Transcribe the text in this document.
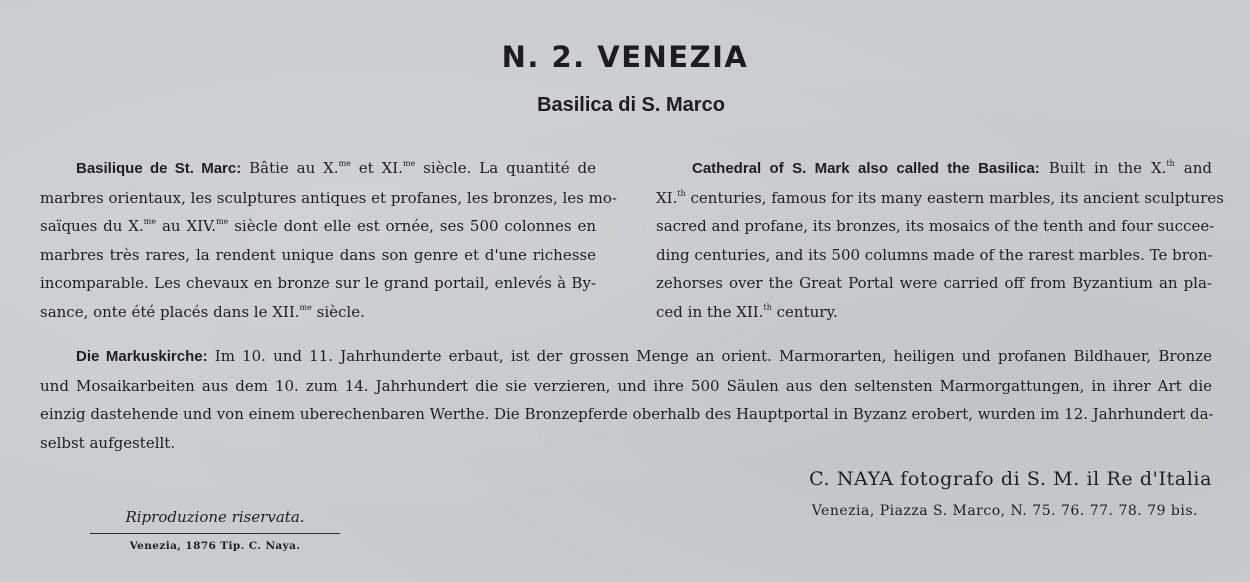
N. 2. VENEZIA
Basilica di S. Marco
Basilique de St. Marc: Bâtie au X.$^{me}$ et XI.$^{me}$ siècle. La quantité de
marbres orientaux, les sculptures antiques et profanes, les bronzes, les mo-
saïques du X.$^{me}$ au XIV.$^{me}$ siècle dont elle est ornée, ses 500 colonnes en
marbres très rares, la rendent unique dans son genre et d'une richesse
incomparable. Les chevaux en bronze sur le grand portail, enlevés à By-
sance, onte été placés dans le XII.$^{me}$ siècle.
Cathedral of S. Mark also called the Basilica: Built in the X.$^{th}$ and
XI.$^{th}$ centuries, famous for its many eastern marbles, its ancient sculptures
sacred and profane, its bronzes, its mosaics of the tenth and four succee-
ding centuries, and its 500 columns made of the rarest marbles. Te bron-
zehorses over the Great Portal were carried off from Byzantium an pla-
ced in the XII.$^{th}$ century.
Die Markuskirche: Im 10. und 11. Jahrhunderte erbaut, ist der grossen Menge an orient. Marmorarten, heiligen und profanen Bildhauer, Bronze
und Mosaikarbeiten aus dem 10. zum 14. Jahrhundert die sie verzieren, und ihre 500 Säulen aus den seltensten Marmorgattungen, in ihrer Art die
einzig dastehende und von einem uberechenbaren Werthe. Die Bronzepferde oberhalb des Hauptportal in Byzanz erobert, wurden im 12. Jahrhundert da-
selbst aufgestellt.
Riproduzione riservata.
Venezia, 1876 Tip. C. Naya.
C. NAYA fotografo di S. M. il Re d'Italia
Venezia, Piazza S. Marco, N. 75. 76. 77. 78. 79 bis.
